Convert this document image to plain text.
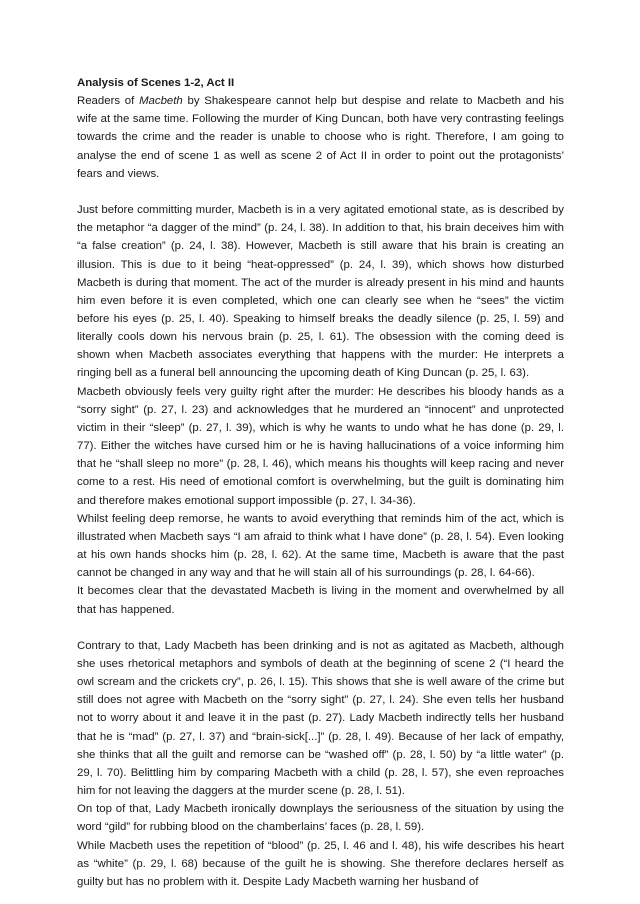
Analysis of Scenes 1-2, Act II

Readers of Macbeth by Shakespeare cannot help but despise and relate to Macbeth and his wife at the same time. Following the murder of King Duncan, both have very contrasting feelings towards the crime and the reader is unable to choose who is right. Therefore, I am going to analyse the end of scene 1 as well as scene 2 of Act II in order to point out the protagonists’ fears and views.

Just before committing murder, Macbeth is in a very agitated emotional state, as is described by the metaphor “a dagger of the mind” (p. 24, l. 38). In addition to that, his brain deceives him with “a false creation” (p. 24, l. 38). However, Macbeth is still aware that his brain is creating an illusion. This is due to it being “heat-oppressed” (p. 24, l. 39), which shows how disturbed Macbeth is during that moment. The act of the murder is already present in his mind and haunts him even before it is even completed, which one can clearly see when he “sees” the victim before his eyes (p. 25, l. 40). Speaking to himself breaks the deadly silence (p. 25, l. 59) and literally cools down his nervous brain (p. 25, l. 61). The obsession with the coming deed is shown when Macbeth associates everything that happens with the murder: He interprets a ringing bell as a funeral bell announcing the upcoming death of King Duncan (p. 25, l. 63).

Macbeth obviously feels very guilty right after the murder: He describes his bloody hands as a “sorry sight” (p. 27, l. 23) and acknowledges that he murdered an “innocent” and unprotected victim in their “sleep” (p. 27, l. 39), which is why he wants to undo what he has done (p. 29, l. 77). Either the witches have cursed him or he is having hallucinations of a voice informing him that he “shall sleep no more” (p. 28, l. 46), which means his thoughts will keep racing and never come to a rest. His need of emotional comfort is overwhelming, but the guilt is dominating him and therefore makes emotional support impossible (p. 27, l. 34-36).

Whilst feeling deep remorse, he wants to avoid everything that reminds him of the act, which is illustrated when Macbeth says “I am afraid to think what I have done” (p. 28, l. 54). Even looking at his own hands shocks him (p. 28, l. 62). At the same time, Macbeth is aware that the past cannot be changed in any way and that he will stain all of his surroundings (p. 28, l. 64-66).

It becomes clear that the devastated Macbeth is living in the moment and overwhelmed by all that has happened.

Contrary to that, Lady Macbeth has been drinking and is not as agitated as Macbeth, although she uses rhetorical metaphors and symbols of death at the beginning of scene 2 (“I heard the owl scream and the crickets cry”, p. 26, l. 15). This shows that she is well aware of the crime but still does not agree with Macbeth on the “sorry sight” (p. 27, l. 24). She even tells her husband not to worry about it and leave it in the past (p. 27). Lady Macbeth indirectly tells her husband that he is “mad” (p. 27, l. 37) and “brain-sick[...]” (p. 28, l. 49). Because of her lack of empathy, she thinks that all the guilt and remorse can be “washed off” (p. 28, l. 50) by “a little water” (p. 29, l. 70). Belittling him by comparing Macbeth with a child (p. 28, l. 57), she even reproaches him for not leaving the daggers at the murder scene (p. 28, l. 51).

On top of that, Lady Macbeth ironically downplays the seriousness of the situation by using the word “gild” for rubbing blood on the chamberlains’ faces (p. 28, l. 59).

While Macbeth uses the repetition of “blood” (p. 25, l. 46 and l. 48), his wife describes his heart as “white” (p. 29, l. 68) because of the guilt he is showing. She therefore declares herself as guilty but has no problem with it. Despite Lady Macbeth warning her husband of
